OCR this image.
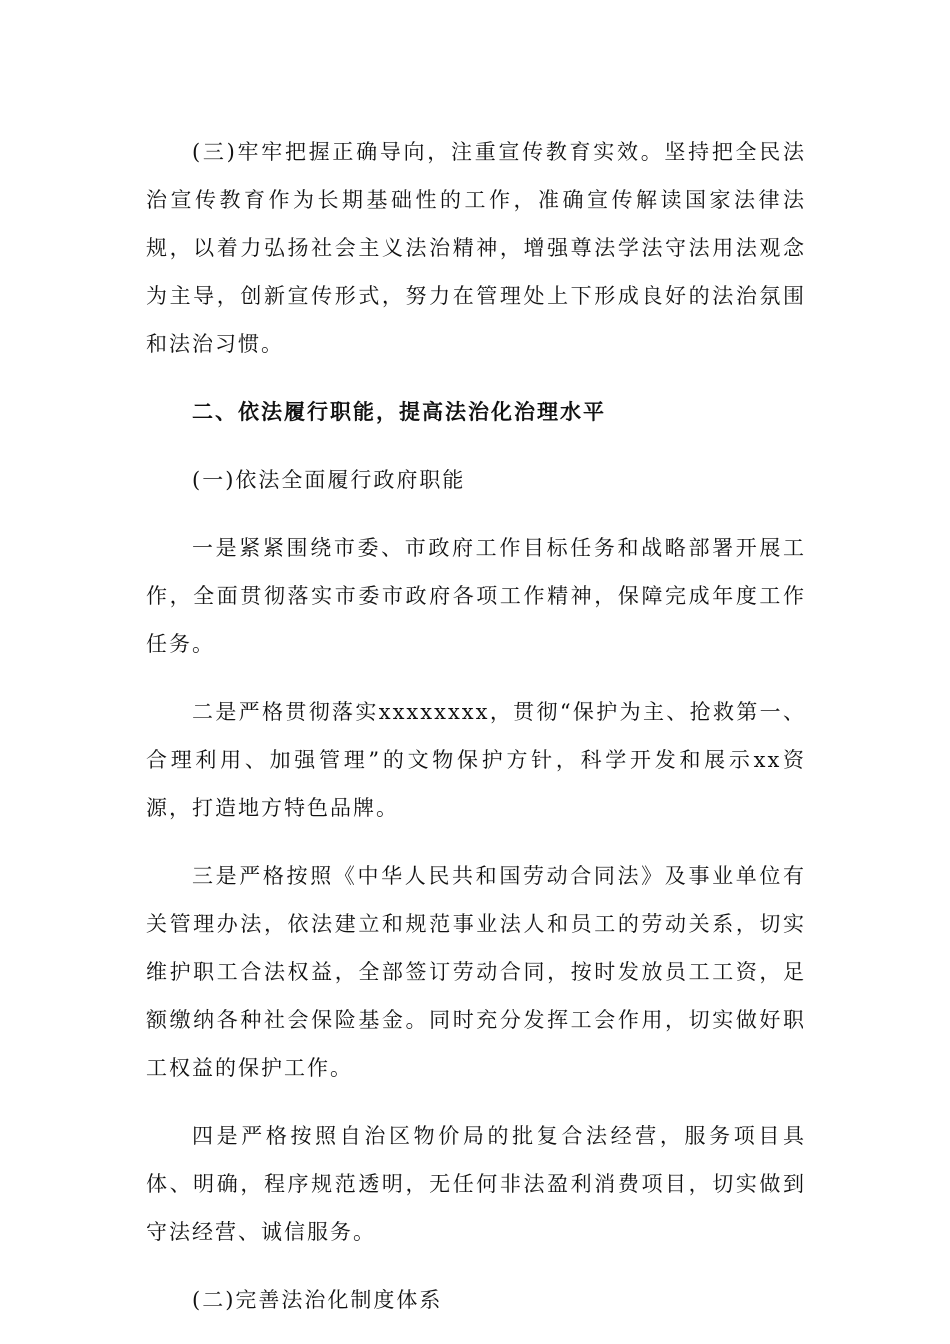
(三)牢牢把握正确导向，注重宣传教育实效。坚持把全民法治宣传教育作为长期基础性的工作，准确宣传解读国家法律法规，以着力弘扬社会主义法治精神，增强尊法学法守法用法观念为主导，创新宣传形式，努力在管理处上下形成良好的法治氛围和法治习惯。

二、依法履行职能，提高法治化治理水平

(一)依法全面履行政府职能

一是紧紧围绕市委、市政府工作目标任务和战略部署开展工作，全面贯彻落实市委市政府各项工作精神，保障完成年度工作任务。

二是严格贯彻落实xxxxxxxx，贯彻“保护为主、抢救第一、合理利用、加强管理”的文物保护方针，科学开发和展示xx资源，打造地方特色品牌。

三是严格按照《中华人民共和国劳动合同法》及事业单位有关管理办法，依法建立和规范事业法人和员工的劳动关系，切实维护职工合法权益，全部签订劳动合同，按时发放员工工资，足额缴纳各种社会保险基金。同时充分发挥工会作用，切实做好职工权益的保护工作。

四是严格按照自治区物价局的批复合法经营，服务项目具体、明确，程序规范透明，无任何非法盈利消费项目，切实做到守法经营、诚信服务。

(二)完善法治化制度体系
